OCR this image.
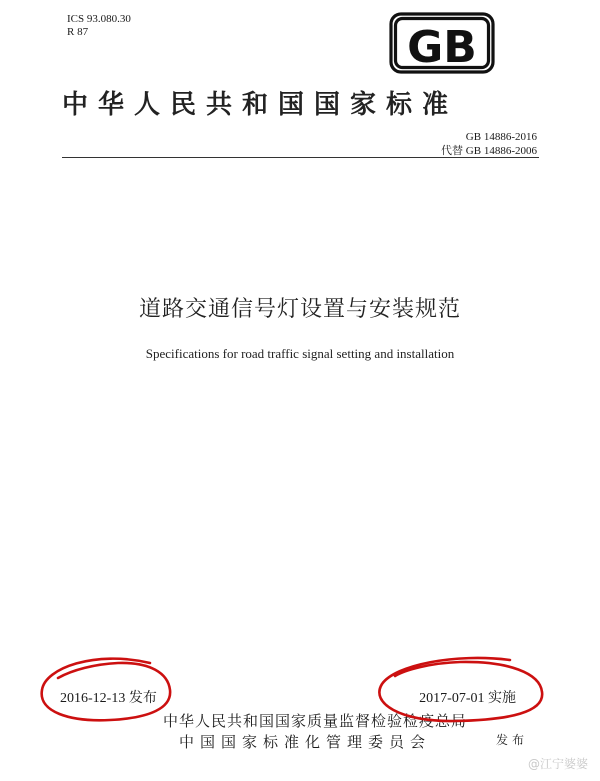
ICS 93.080.30
R 87	GB
中华人民共和国国家标准
GB 14886-2016
代替 GB 14886-2006
道路交通信号灯设置与安装规范
Specifications for road traffic signal setting and installation
2016-12-13 发布	2017-07-01 实施
中华人民共和国国家质量监督检验检疫总局
中国国家标准化管理委员会	发布
@江宁婆婆
